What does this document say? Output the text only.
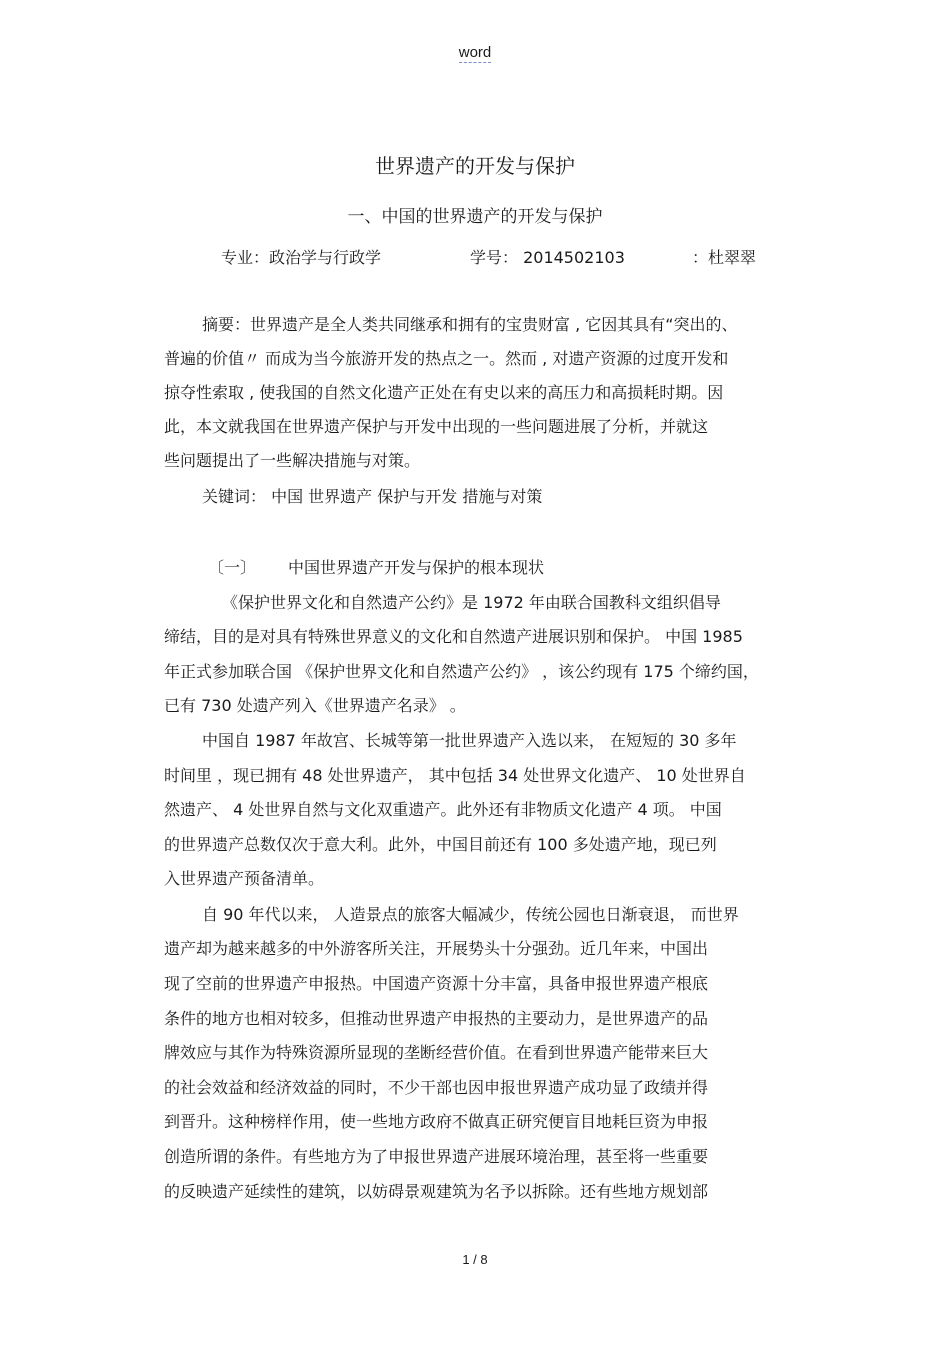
word
世界遗产的开发与保护
一、中国的世界遗产的开发与保护
专业：政治学与行政学	学号： 2014502103	：杜翠翠
摘要：世界遗产是全人类共同继承和拥有的宝贵财富 , 它因其具有“突出的、
普遍的价值〃 而成为当今旅游开发的热点之一。然而 , 对遗产资源的过度开发和
掠夺性索取 , 使我国的自然文化遗产正处在有史以来的高压力和高损耗时期。因
此，本文就我国在世界遗产保护与开发中出现的一些问题进展了分析，并就这
些问题提出了一些解决措施与对策。
关键词： 中国 世界遗产 保护与开发 措施与对策
〔一〕 中国世界遗产开发与保护的根本现状
《保护世界文化和自然遗产公约》是 1972 年由联合国教科文组织倡导
缔结，目的是对具有特殊世界意义的文化和自然遗产进展识别和保护。 中国 1985
年正式参加联合国 《保护世界文化和自然遗产公约》 ，该公约现有 175 个缔约国，
已有 730 处遗产列入《世界遗产名录》 。
中国自 1987 年故宫、长城等第一批世界遗产入选以来， 在短短的 30 多年
时间里 ，现已拥有 48 处世界遗产， 其中包括 34 处世界文化遗产、 10 处世界自
然遗产、 4 处世界自然与文化双重遗产。此外还有非物质文化遗产 4 项。 中国
的世界遗产总数仅次于意大利。此外，中国目前还有 100 多处遗产地，现已列
入世界遗产预备清单。
自 90 年代以来， 人造景点的旅客大幅减少，传统公园也日渐衰退， 而世界
遗产却为越来越多的中外游客所关注，开展势头十分强劲。近几年来，中国出
现了空前的世界遗产申报热。中国遗产资源十分丰富，具备申报世界遗产根底
条件的地方也相对较多，但推动世界遗产申报热的主要动力，是世界遗产的品
牌效应与其作为特殊资源所显现的垄断经营价值。在看到世界遗产能带来巨大
的社会效益和经济效益的同时，不少干部也因申报世界遗产成功显了政绩并得
到晋升。这种榜样作用，使一些地方政府不做真正研究便盲目地耗巨资为申报
创造所谓的条件。有些地方为了申报世界遗产进展环境治理，甚至将一些重要
的反映遗产延续性的建筑，以妨碍景观建筑为名予以拆除。还有些地方规划部
1 / 8
